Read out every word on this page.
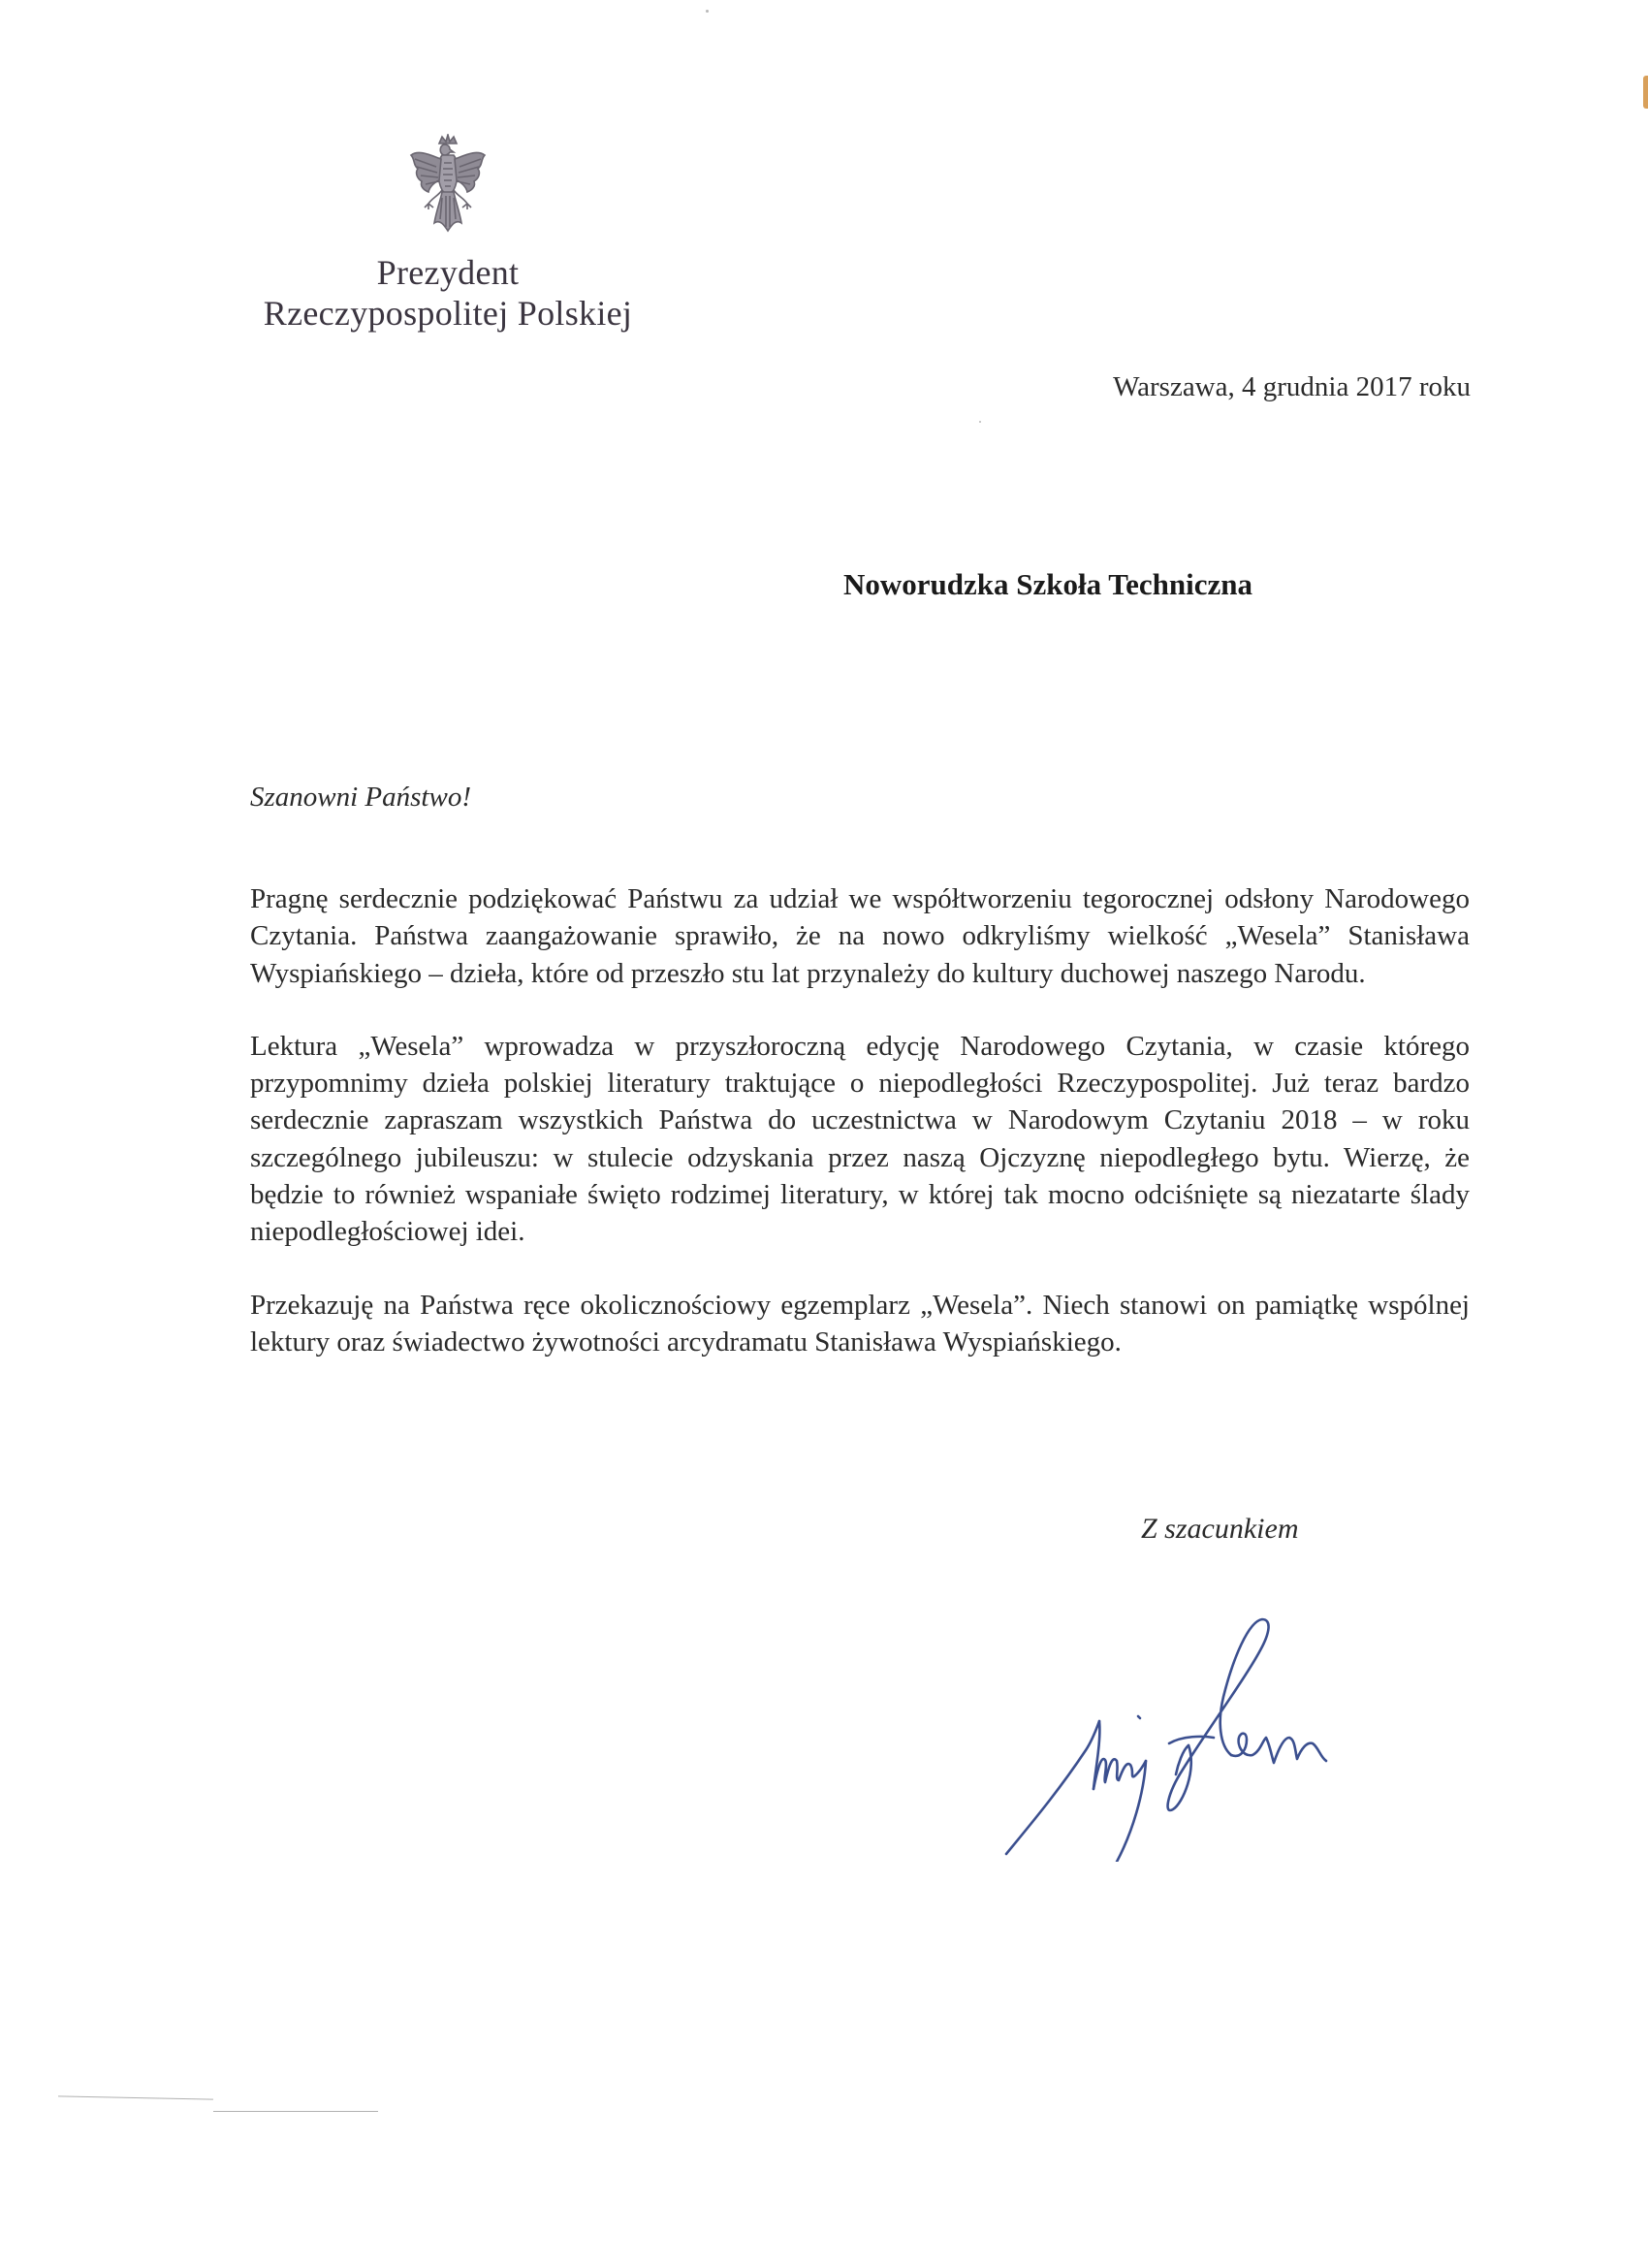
Prezydent
Rzeczypospolitej Polskiej
Warszawa, 4 grudnia 2017 roku
Noworudzka Szkoła Techniczna
Szanowni Państwo!

Pragnę serdecznie podziękować Państwu za udział we współtworzeniu tegorocznej odsłony Narodowego Czytania. Państwa zaangażowanie sprawiło, że na nowo odkryliśmy wielkość „Wesela” Stanisława Wyspiańskiego – dzieła, które od przeszło stu lat przynależy do kultury duchowej naszego Narodu.

Lektura „Wesela” wprowadza w przyszłoroczną edycję Narodowego Czytania, w czasie którego przypomnimy dzieła polskiej literatury traktujące o niepodległości Rzeczypospolitej. Już teraz bardzo serdecznie zapraszam wszystkich Państwa do uczestnictwa w Narodowym Czytaniu 2018 – w roku szczególnego jubileuszu: w stulecie odzyskania przez naszą Ojczyznę niepodległego bytu. Wierzę, że będzie to również wspaniałe święto rodzimej literatury, w której tak mocno odciśnięte są niezatarte ślady niepodległościowej idei.

Przekazuję na Państwa ręce okolicznościowy egzemplarz „Wesela”. Niech stanowi on pamiątkę wspólnej lektury oraz świadectwo żywotności arcydramatu Stanisława Wyspiańskiego.

Z szacunkiem
